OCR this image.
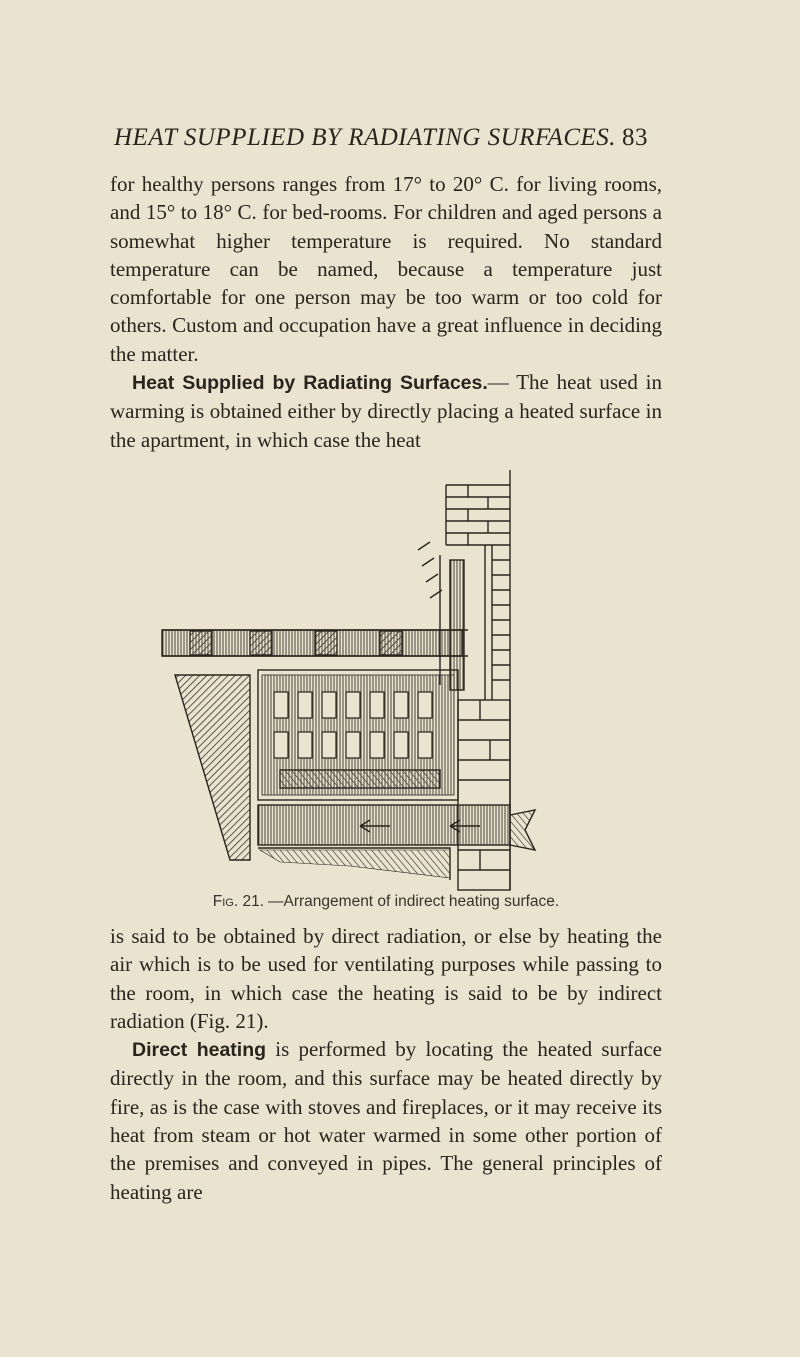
HEAT SUPPLIED BY RADIATING SURFACES. 83

for healthy persons ranges from 17° to 20° C. for living rooms, and 15° to 18° C. for bed-rooms. For children and aged persons a somewhat higher temperature is required. No standard temperature can be named, because a temperature just comfortable for one person may be too warm or too cold for others. Custom and occupation have a great influence in deciding the matter.

Heat Supplied by Radiating Surfaces.— The heat used in warming is obtained either by directly placing a heated surface in the apartment, in which case the heat

Fig. 21. —Arrangement of indirect heating surface.

is said to be obtained by direct radiation, or else by heating the air which is to be used for ventilating purposes while passing to the room, in which case the heating is said to be by indirect radiation (Fig. 21).

Direct heating is performed by locating the heated surface directly in the room, and this surface may be heated directly by fire, as is the case with stoves and fireplaces, or it may receive its heat from steam or hot water warmed in some other portion of the premises and conveyed in pipes. The general principles of heating are
